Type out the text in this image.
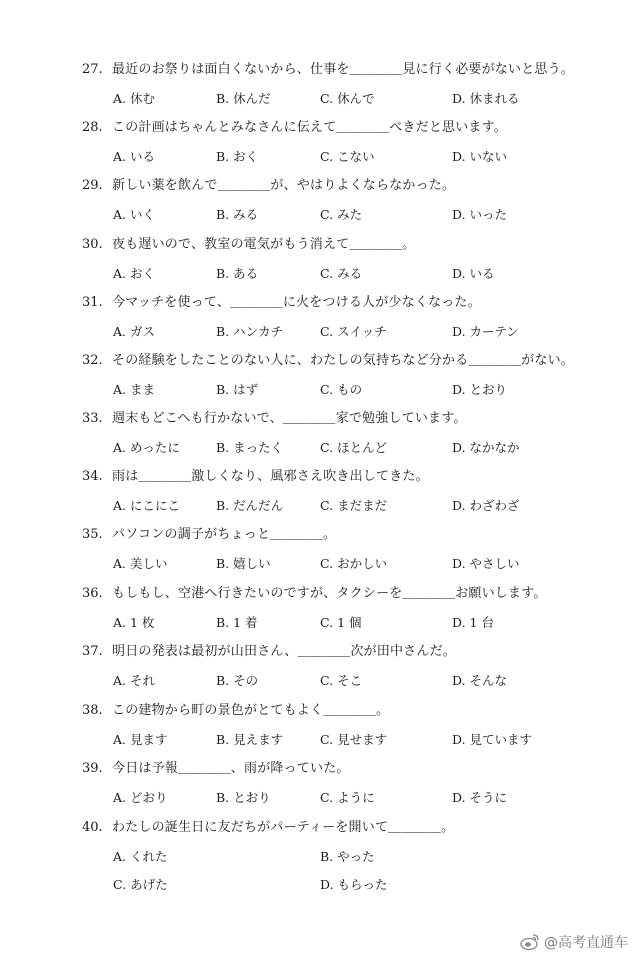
27. 最近のお祭りは面白くないから、仕事を＿＿＿＿見に行く必要がないと思う。
A. 休む	B. 休んだ	C. 休んで	D. 休まれる
28. この計画はちゃんとみなさんに伝えて＿＿＿＿べきだと思います。
A. いる	B. おく	C. こない	D. いない
29. 新しい薬を飲んで＿＿＿＿が、やはりよくならなかった。
A. いく	B. みる	C. みた	D. いった
30. 夜も遅いので、教室の電気がもう消えて＿＿＿＿。
A. おく	B. ある	C. みる	D. いる
31. 今マッチを使って、＿＿＿＿に火をつける人が少なくなった。
A. ガス	B. ハンカチ	C. スイッチ	D. カーテン
32. その経験をしたことのない人に、わたしの気持ちなど分かる＿＿＿＿がない。
A. まま	B. はず	C. もの	D. とおり
33. 週末もどこへも行かないで、＿＿＿＿家で勉強しています。
A. めったに	B. まったく	C. ほとんど	D. なかなか
34. 雨は＿＿＿＿激しくなり、風邪さえ吹き出してきた。
A. にこにこ	B. だんだん	C. まだまだ	D. わざわざ
35. パソコンの調子がちょっと＿＿＿＿。
A. 美しい	B. 嬉しい	C. おかしい	D. やさしい
36. もしもし、空港へ行きたいのですが、タクシーを＿＿＿＿お願いします。
A. 1 枚	B. 1 着	C. 1 個	D. 1 台
37. 明日の発表は最初が山田さん、＿＿＿＿次が田中さんだ。
A. それ	B. その	C. そこ	D. そんな
38. この建物から町の景色がとてもよく＿＿＿＿。
A. 見ます	B. 見えます	C. 見せます	D. 見ています
39. 今日は予報＿＿＿＿、雨が降っていた。
A. どおり	B. とおり	C. ように	D. そうに
40. わたしの誕生日に友だちがパーティーを開いて＿＿＿＿。
A. くれた	B. やった
C. あげた	D. もらった
@高考直通车
